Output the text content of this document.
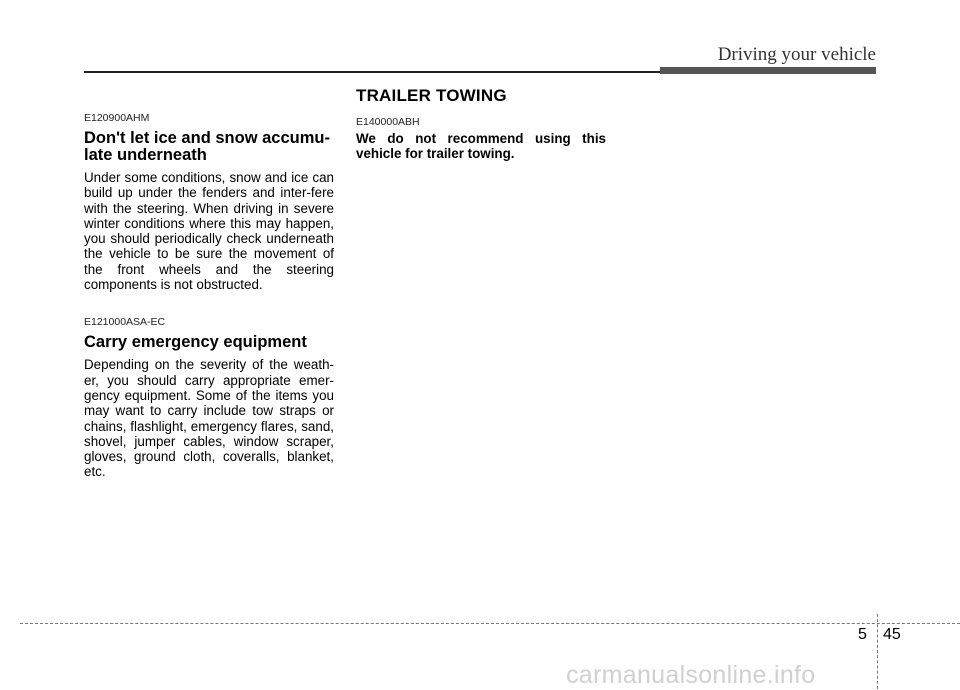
Driving your vehicle

E120900AHM

Don't let ice and snow accumu-
late underneath

Under some conditions, snow and ice can build up under the fenders and inter-fere with the steering. When driving in severe winter conditions where this may happen, you should periodically check underneath the vehicle to be sure the movement of the front wheels and the steering components is not obstructed.

E121000ASA-EC

Carry emergency equipment

Depending on the severity of the weath-er, you should carry appropriate emer-gency equipment. Some of the items you may want to carry include tow straps or chains, flashlight, emergency flares, sand, shovel, jumper cables, window scraper, gloves, ground cloth, coveralls, blanket, etc.

TRAILER TOWING

E140000ABH

We do not recommend using this vehicle for trailer towing.

5 45
carmanualsonline.info
